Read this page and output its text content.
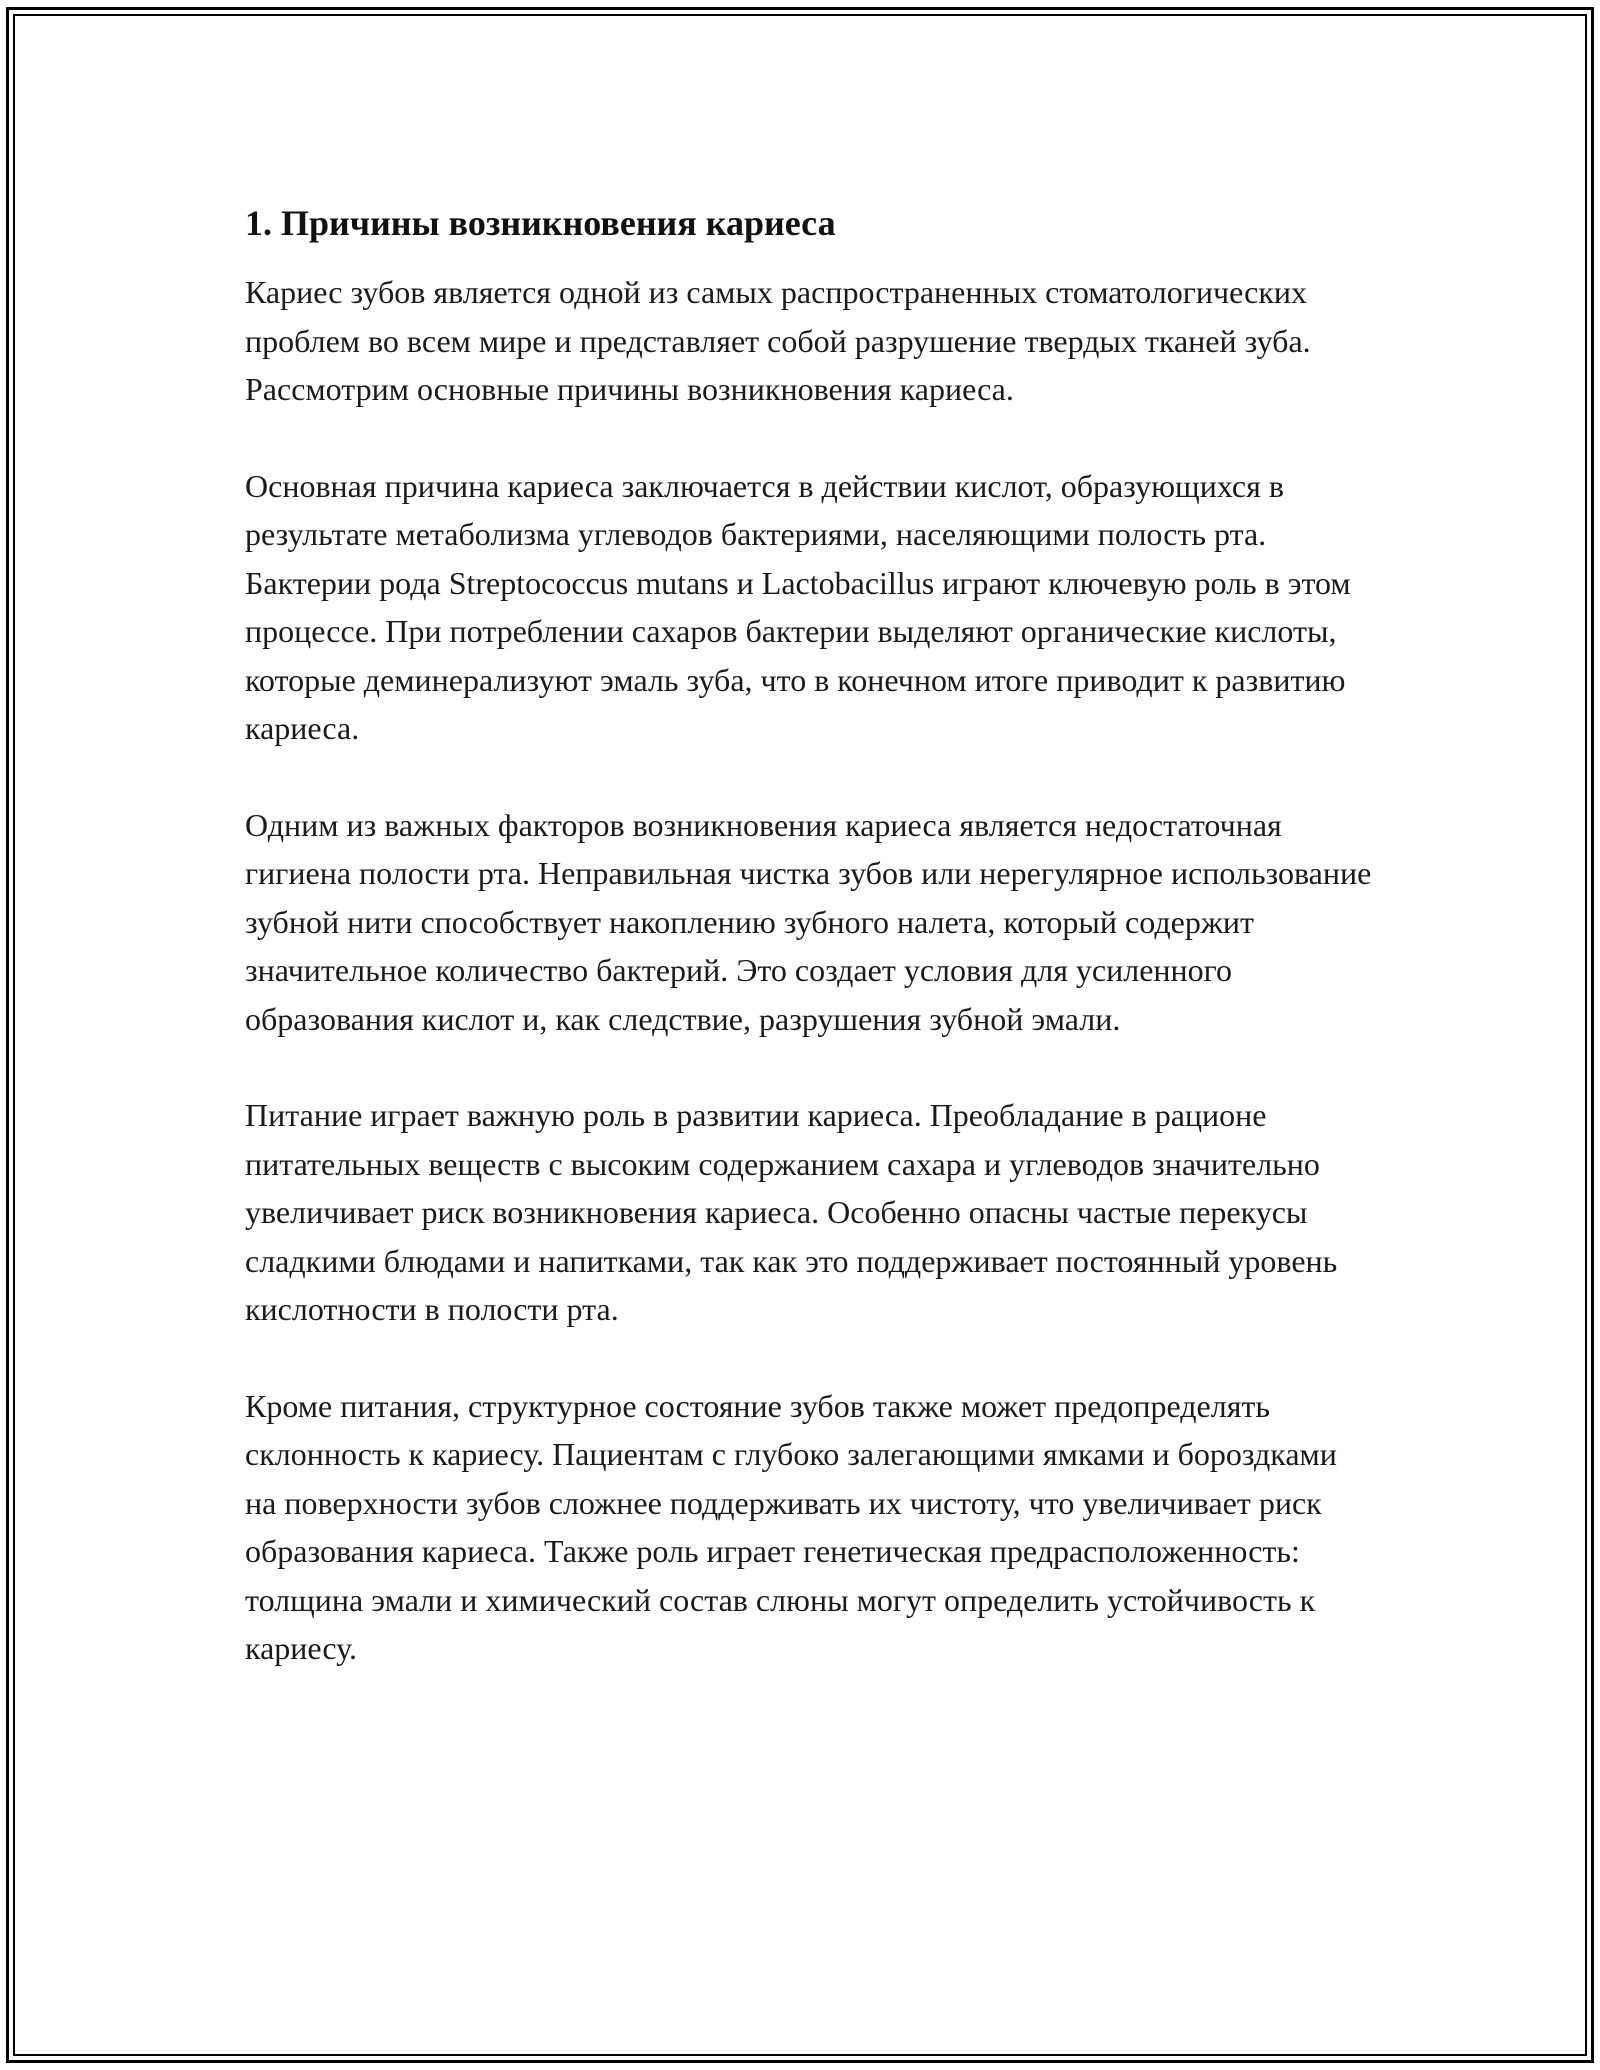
1. Причины возникновения кариеса

Кариес зубов является одной из самых распространенных стоматологических проблем во всем мире и представляет собой разрушение твердых тканей зуба. Рассмотрим основные причины возникновения кариеса.

Основная причина кариеса заключается в действии кислот, образующихся в результате метаболизма углеводов бактериями, населяющими полость рта. Бактерии рода Streptococcus mutans и Lactobacillus играют ключевую роль в этом процессе. При потреблении сахаров бактерии выделяют органические кислоты, которые деминерализуют эмаль зуба, что в конечном итоге приводит к развитию кариеса.

Одним из важных факторов возникновения кариеса является недостаточная гигиена полости рта. Неправильная чистка зубов или нерегулярное использование зубной нити способствует накоплению зубного налета, который содержит значительное количество бактерий. Это создает условия для усиленного образования кислот и, как следствие, разрушения зубной эмали.

Питание играет важную роль в развитии кариеса. Преобладание в рационе питательных веществ с высоким содержанием сахара и углеводов значительно увеличивает риск возникновения кариеса. Особенно опасны частые перекусы сладкими блюдами и напитками, так как это поддерживает постоянный уровень кислотности в полости рта.

Кроме питания, структурное состояние зубов также может предопределять склонность к кариесу. Пациентам с глубоко залегающими ямками и бороздками на поверхности зубов сложнее поддерживать их чистоту, что увеличивает риск образования кариеса. Также роль играет генетическая предрасположенность: толщина эмали и химический состав слюны могут определить устойчивость к кариесу.
